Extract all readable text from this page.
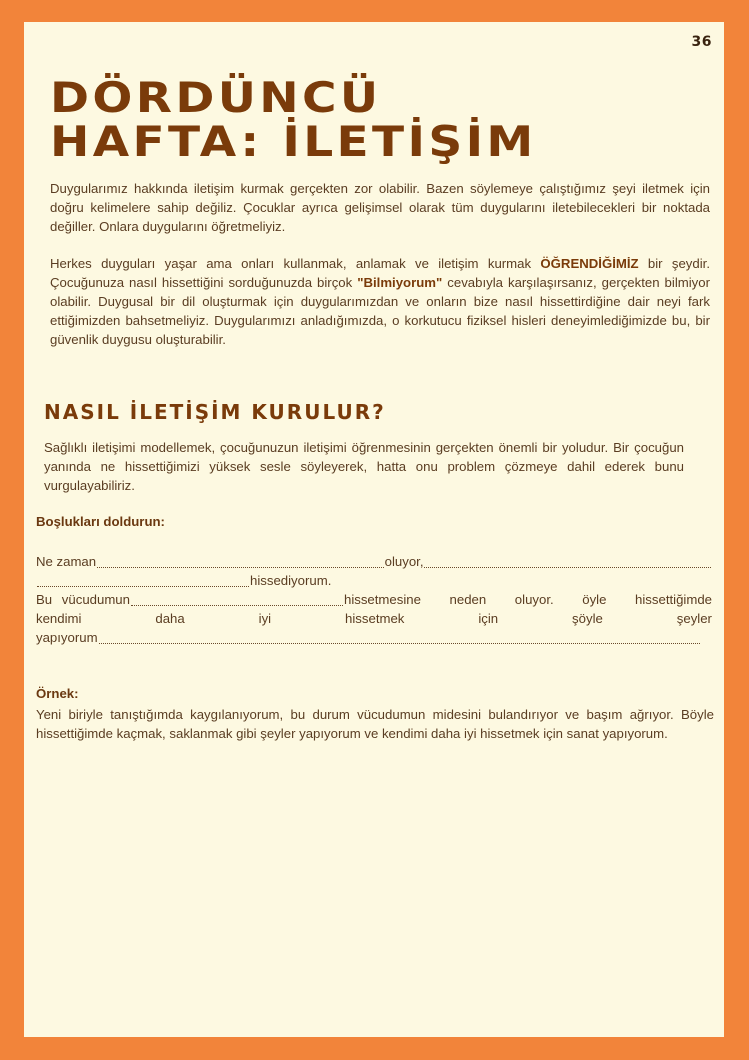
36
DÖRDÜNCÜ
HAFTA: İLETİŞİM

Duygularımız hakkında iletişim kurmak gerçekten zor olabilir. Bazen söylemeye çalıştığımız şeyi iletmek için doğru kelimelere sahip değiliz. Çocuklar ayrıca gelişimsel olarak tüm duygularını iletebilecekleri bir noktada değiller. Onlara duygularını öğretmeliyiz.

Herkes duyguları yaşar ama onları kullanmak, anlamak ve iletişim kurmak ÖĞRENDİĞİMİZ bir şeydir. Çocuğunuza nasıl hissettiğini sorduğunuzda birçok "Bilmiyorum" cevabıyla karşılaşırsanız, gerçekten bilmiyor olabilir. Duygusal bir dil oluşturmak için duygularımızdan ve onların bize nasıl hissettirdiğine dair neyi fark ettiğimizden bahsetmeliyiz. Duygularımızı anladığımızda, o korkutucu fiziksel hisleri deneyimlediğimizde bu, bir güvenlik duygusu oluşturabilir.

NASIL İLETİŞİM KURULUR?

Sağlıklı iletişimi modellemek, çocuğunuzun iletişimi öğrenmesinin gerçekten önemli bir yoludur. Bir çocuğun yanında ne hissettiğimizi yüksek sesle söyleyerek, hatta onu problem çözmeye dahil ederek bunu vurgulayabiliriz.

Boşlukları doldurun:
Ne zaman	oluyor,
hissediyorum.
Bu vücudumun	hissetmesine neden oluyor. öyle hissettiğimde
kendimi	daha	iyi	hissetmek	için	şöyle	şeyler
yapıyorum
Örnek:

Yeni biriyle tanıştığımda kaygılanıyorum, bu durum vücudumun midesini bulandırıyor ve başım ağrıyor. Böyle hissettiğimde kaçmak, saklanmak gibi şeyler yapıyorum ve kendimi daha iyi hissetmek için sanat yapıyorum.
